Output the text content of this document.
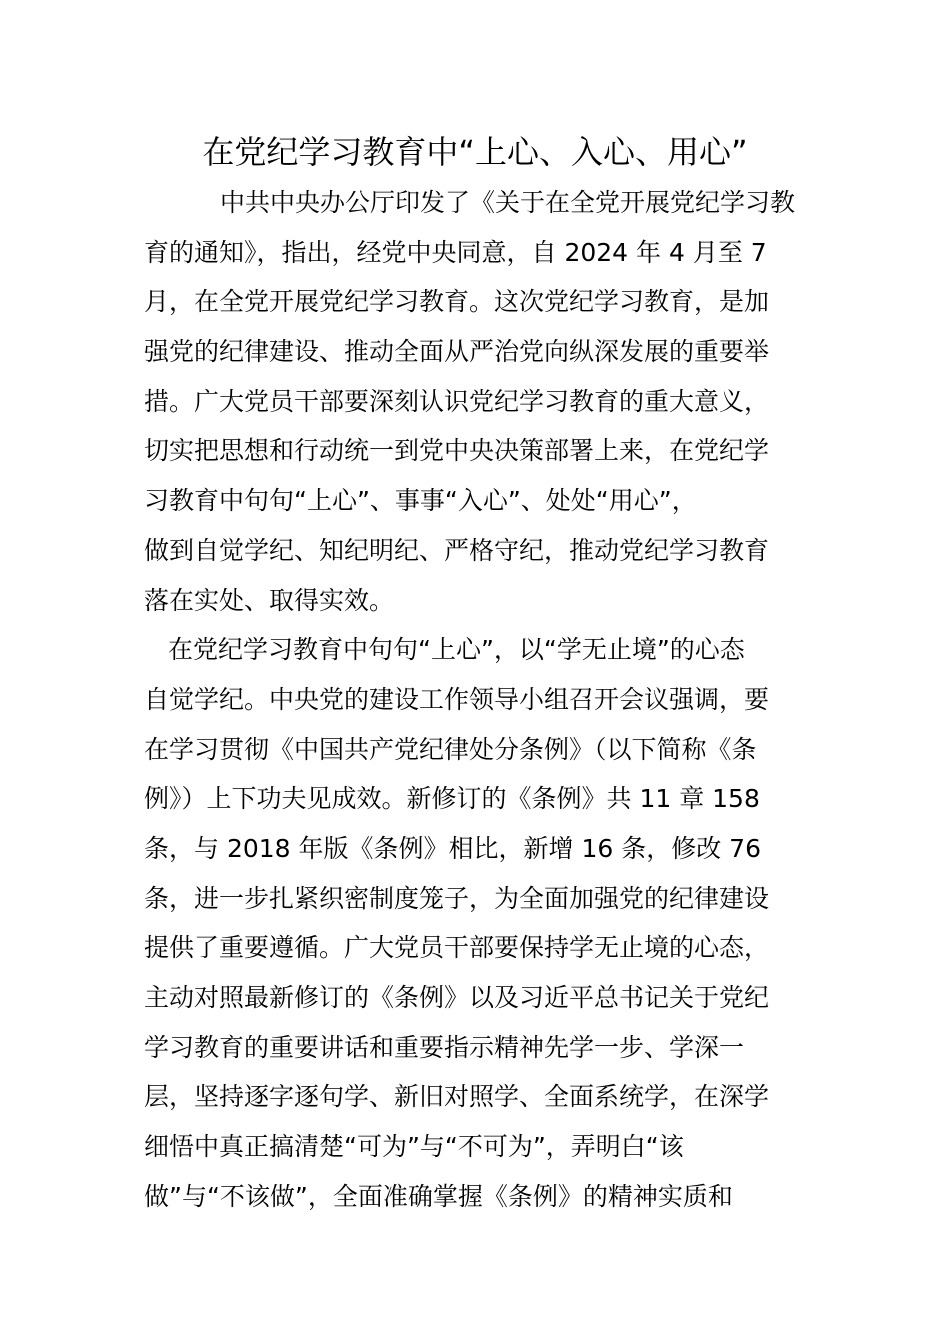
在党纪学习教育中“上心、入心、用心”
中共中央办公厅印发了《关于在全党开展党纪学习教
育的通知》，指出，经党中央同意，自 2024 年 4 月至 7
月，在全党开展党纪学习教育。这次党纪学习教育，是加
强党的纪律建设、推动全面从严治党向纵深发展的重要举
措。广大党员干部要深刻认识党纪学习教育的重大意义，
切实把思想和行动统一到党中央决策部署上来，在党纪学
习教育中句句“上心”、事事“入心”、处处“用心”，
做到自觉学纪、知纪明纪、严格守纪，推动党纪学习教育
落在实处、取得实效。
在党纪学习教育中句句“上心”，以“学无止境”的心态
自觉学纪。中央党的建设工作领导小组召开会议强调，要
在学习贯彻《中国共产党纪律处分条例》（以下简称《条
例》）上下功夫见成效。新修订的《条例》共 11 章 158
条，与 2018 年版《条例》相比，新增 16 条，修改 76
条，进一步扎紧织密制度笼子，为全面加强党的纪律建设
提供了重要遵循。广大党员干部要保持学无止境的心态，
主动对照最新修订的《条例》以及习近平总书记关于党纪
学习教育的重要讲话和重要指示精神先学一步、学深一
层，坚持逐字逐句学、新旧对照学、全面系统学，在深学
细悟中真正搞清楚“可为”与“不可为”，弄明白“该
做”与“不该做”，全面准确掌握《条例》的精神实质和
